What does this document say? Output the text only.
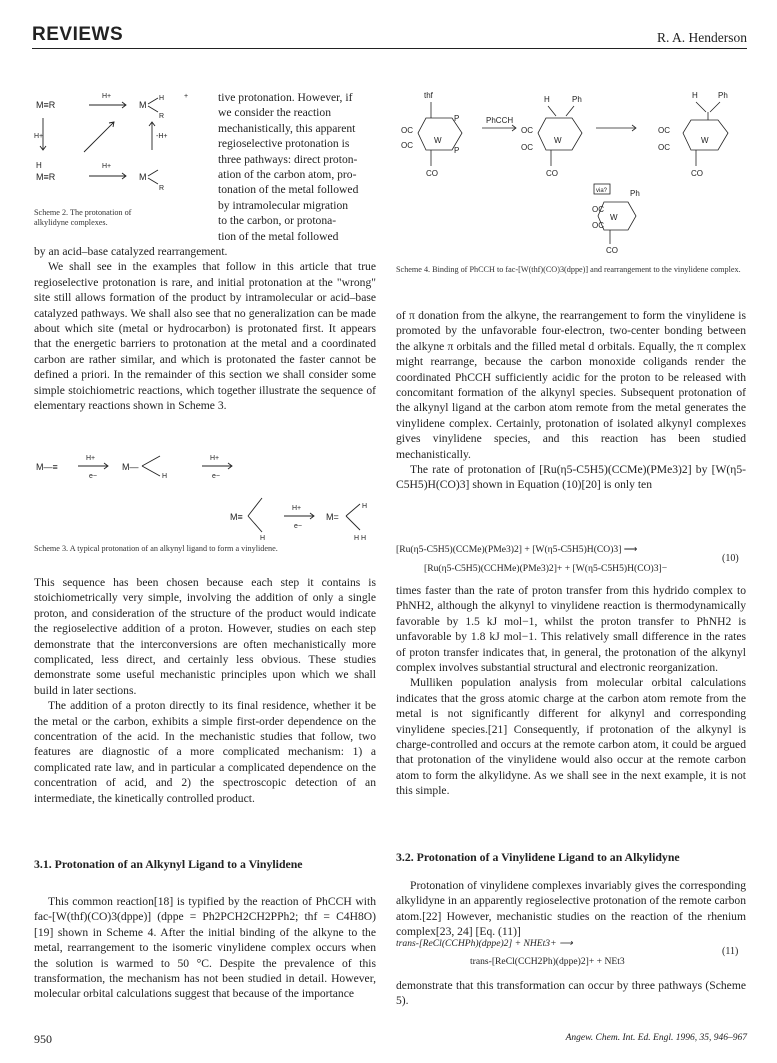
REVIEWS	R. A. Henderson
M≡R
H+
M
H
R
+
H+	-H+
H
M≡R
H+
M
R
Scheme 2. The protonation of alkylidyne complexes.

tive protonation. However, if

we consider the reaction

mechanistically, this apparent

regioselective protonation is

three pathways: direct proton-

ation of the carbon atom, pro-

tonation of the metal followed

by intramolecular migration

to the carbon, or protona-

tion of the metal followed

by an acid–base catalyzed rearrangement.

We shall see in the examples that follow in this article that true regioselective protonation is rare, and initial protonation at the "wrong" site still allows formation of the product by intramolecular or acid–base catalyzed pathways. We shall also see that no generalization can be made about which site (metal or hydrocarbon) is protonated first. It appears that the energetic barriers to protonation at the metal and a coordinated carbon are rather similar, and which is protonated the faster cannot be defined a priori. In the remainder of this section we shall consider some simple stoichiometric reactions, which together illustrate the sequence of elementary reactions shown in Scheme 3.

M—≡
H+
e−
M—
H
H+
e−
M≡
H
H+
e−
M=
H
H H
Scheme 3. A typical protonation of an alkynyl ligand to form a vinylidene.

This sequence has been chosen because each step it contains is stoichiometrically very simple, involving the addition of only a single proton, and consideration of the structure of the product would indicate the regioselective addition of a proton. However, studies on each step demonstrate that the interconversions are often mechanistically more complicated, less direct, and certainly less obvious. These studies demonstrate some useful mechanistic principles upon which we shall build in later sections.

The addition of a proton directly to its final residence, whether it be the metal or the carbon, exhibits a simple first-order dependence on the concentration of the acid. In the mechanistic studies that follow, two features are diagnostic of a more complicated mechanism: 1) a complicated rate law, and in particular a complicated dependence on the concentration of acid, and 2) the spectroscopic detection of an intermediate, the kinetically controlled product.

3.1. Protonation of an Alkynyl Ligand to a Vinylidene

This common reaction[18] is typified by the reaction of PhCCH with fac-[W(thf)(CO)3(dppe)] (dppe = Ph2PCH2CH2PPh2; thf = C4H8O)[19] shown in Scheme 4. After the initial binding of the alkyne to the metal, rearrangement to the isomeric vinylidene complex occurs when the solution is warmed to 50 °C. Despite the prevalence of this transformation, the mechanism has not been studied in detail. However, molecular orbital calculations suggest that because of the importance

thf
OC
OC
W
P
P
CO
PhCCH
H	Ph
OC
OC
W
CO
H	Ph
OC
OC
W
CO
via?	Ph
OC
OC
W
CO
Scheme 4. Binding of PhCCH to fac-[W(thf)(CO)3(dppe)] and rearrangement to the vinylidene complex.

of π donation from the alkyne, the rearrangement to form the vinylidene is promoted by the unfavorable four-electron, two-center bonding between the alkyne π orbitals and the filled metal d orbitals. Equally, the π complex might rearrange, because the carbon monoxide coligands render the coordinated PhCCH sufficiently acidic for the proton to be released with concomitant formation of the alkynyl species. Subsequent protonation of the alkynyl ligand at the carbon atom remote from the metal generates the vinylidene complex. Certainly, protonation of isolated alkynyl complexes gives vinylidene species, and this reaction has been studied mechanistically.

The rate of protonation of [Ru(η5-C5H5)(CCMe)(PMe3)2] by [W(η5-C5H5)H(CO)3] shown in Equation (10)[20] is only ten

[Ru(η5-C5H5)(CCMe)(PMe3)2] + [W(η5-C5H5)H(CO)3] ⟶
[Ru(η5-C5H5)(CCHMe)(PMe3)2]+ + [W(η5-C5H5)H(CO)3]−
(10)

times faster than the rate of proton transfer from this hydrido complex to PhNH2, although the alkynyl to vinylidene reaction is thermodynamically favorable by 1.5 kJ mol−1, whilst the proton transfer to PhNH2 is unfavorable by 1.8 kJ mol−1. This relatively small difference in the rates of proton transfer indicates that, in general, the protonation of the alkynyl complex involves substantial structural and electronic reorganization.

Mulliken population analysis from molecular orbital calculations indicates that the gross atomic charge at the carbon atom remote from the metal is not significantly different for alkynyl and corresponding vinylidene species.[21] Consequently, if protonation of the alkynyl is charge-controlled and occurs at the remote carbon atom, it could be argued that protonation of the vinylidene would also occur at the remote carbon atom to form the alkylidyne. As we shall see in the next example, it is not this simple.

3.2. Protonation of a Vinylidene Ligand to an Alkylidyne

Protonation of vinylidene complexes invariably gives the corresponding alkylidyne in an apparently regioselective protonation of the remote carbon atom.[22] However, mechanistic studies on the reaction of the rhenium complex[23, 24] [Eq. (11)]

trans-[ReCl(CCHPh)(dppe)2] + NHEt3+ ⟶
trans-[ReCl(CCH2Ph)(dppe)2]+ + NEt3
(11)

demonstrate that this transformation can occur by three pathways (Scheme 5).

950	Angew. Chem. Int. Ed. Engl. 1996, 35, 946–967
